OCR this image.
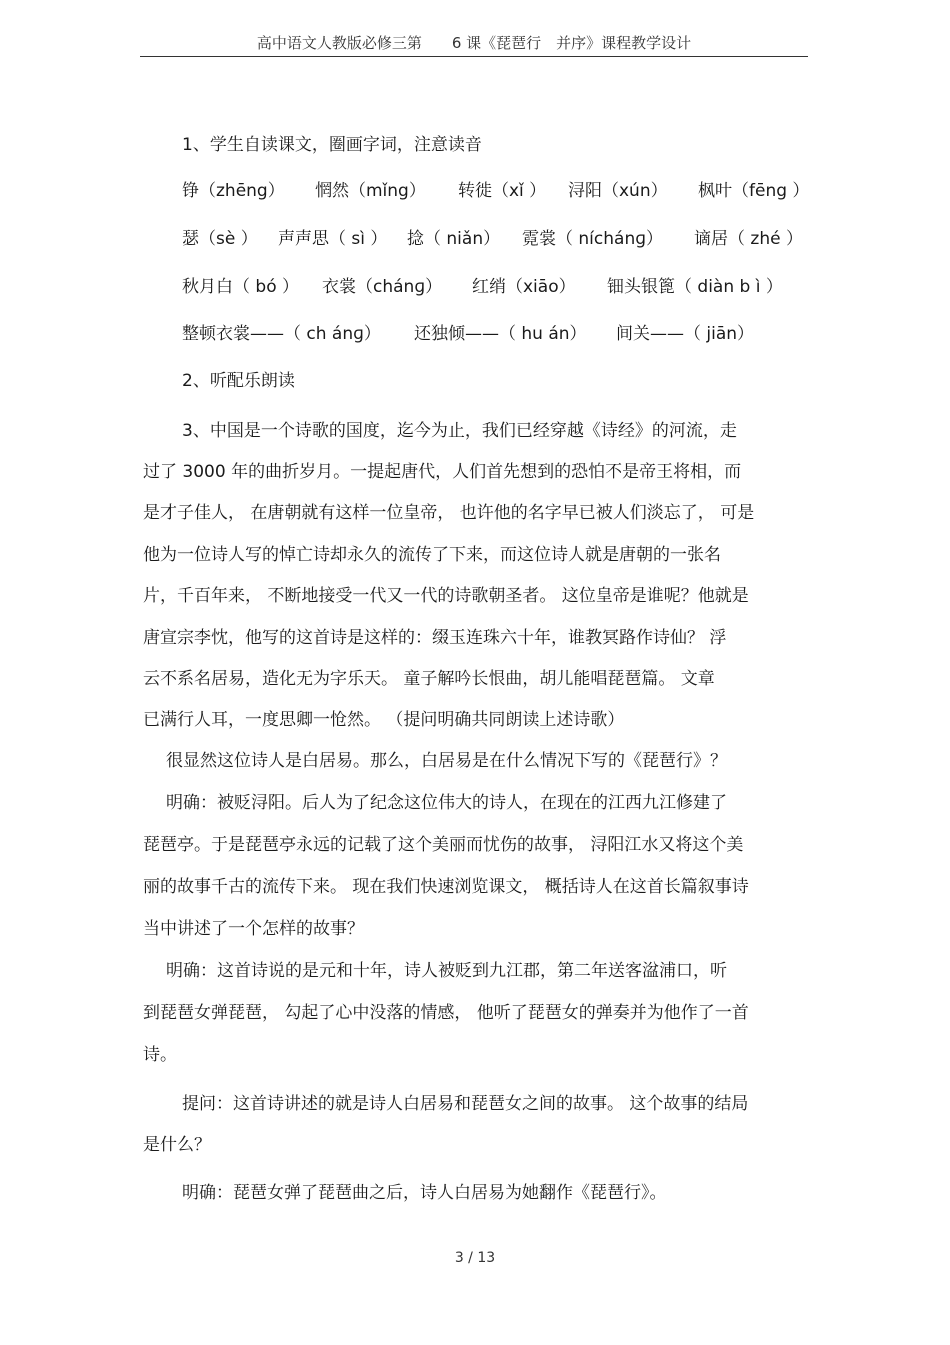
高中语文人教版必修三第　　6 课《琵琶行　并序》课程教学设计
1、学生自读课文，圈画字词，注意读音
铮（zhēng） 惘然（mǐng） 转徙（xǐ ） 浔阳（xún） 枫叶（fēng ）
瑟（sè ） 声声思（ sì ） 捻（ niǎn） 霓裳（ níchánɡ） 谪居（ zhé ）
秋月白（ bó ） 衣裳（chánɡ） 红绡（xiāo） 钿头银篦（ diàn b ì ）
整顿衣裳——（ ch ánɡ） 还独倾——（ hu án） 间关——（ jiān）
2、听配乐朗读
3、中国是一个诗歌的国度，迄今为止，我们已经穿越《诗经》的河流，走
过了 3000 年的曲折岁月。一提起唐代，人们首先想到的恐怕不是帝王将相，而
是才子佳人， 在唐朝就有这样一位皇帝， 也许他的名字早已被人们淡忘了， 可是
他为一位诗人写的悼亡诗却永久的流传了下来，而这位诗人就是唐朝的一张名
片，千百年来， 不断地接受一代又一代的诗歌朝圣者。 这位皇帝是谁呢？他就是
唐宣宗李忱，他写的这首诗是这样的：缀玉连珠六十年，谁教冥路作诗仙？ 浮
云不系名居易，造化无为字乐天。 童子解吟长恨曲，胡儿能唱琵琶篇。 文章
已满行人耳，一度思卿一怆然。 （提问明确共同朗读上述诗歌）
很显然这位诗人是白居易。那么，白居易是在什么情况下写的《琵琶行》？
明确：被贬浔阳。后人为了纪念这位伟大的诗人，在现在的江西九江修建了
琵琶亭。于是琵琶亭永远的记载了这个美丽而忧伤的故事， 浔阳江水又将这个美
丽的故事千古的流传下来。 现在我们快速浏览课文， 概括诗人在这首长篇叙事诗
当中讲述了一个怎样的故事？
明确：这首诗说的是元和十年，诗人被贬到九江郡，第二年送客湓浦口，听
到琵琶女弹琵琶， 勾起了心中没落的情感， 他听了琵琶女的弹奏并为他作了一首
诗。
提问：这首诗讲述的就是诗人白居易和琵琶女之间的故事。 这个故事的结局
是什么？
明确：琵琶女弹了琵琶曲之后，诗人白居易为她翻作《琵琶行》。
3 / 13
